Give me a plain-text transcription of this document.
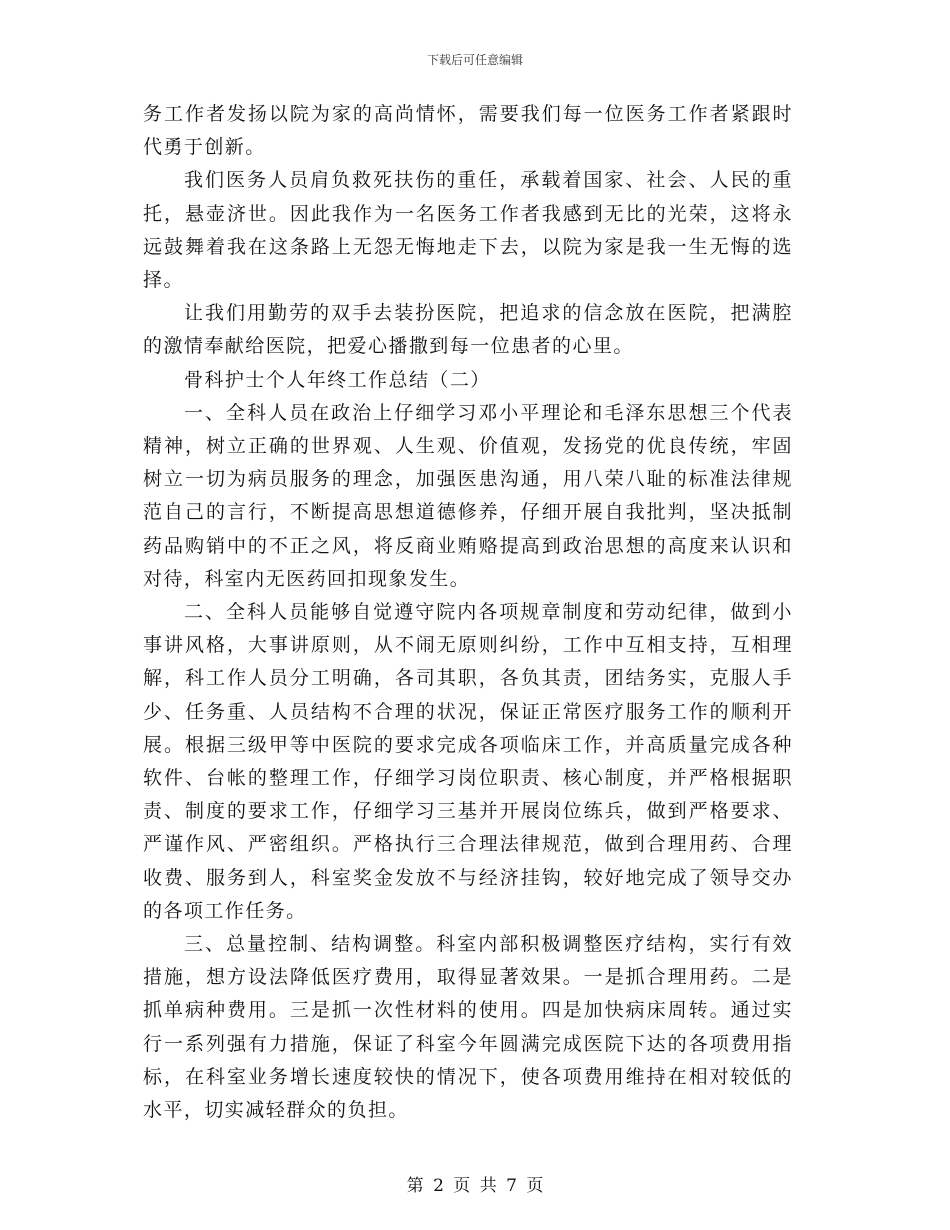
下载后可任意编辑

务工作者发扬以院为家的高尚情怀，需要我们每一位医务工作者紧跟时代勇于创新。

我们医务人员肩负救死扶伤的重任，承载着国家、社会、人民的重托，悬壶济世。因此我作为一名医务工作者我感到无比的光荣，这将永远鼓舞着我在这条路上无怨无悔地走下去，以院为家是我一生无悔的选择。

让我们用勤劳的双手去装扮医院，把追求的信念放在医院，把满腔的激情奉献给医院，把爱心播撒到每一位患者的心里。

骨科护士个人年终工作总结（二）

一、全科人员在政治上仔细学习邓小平理论和毛泽东思想三个代表精神，树立正确的世界观、人生观、价值观，发扬党的优良传统，牢固树立一切为病员服务的理念，加强医患沟通，用八荣八耻的标准法律规范自己的言行，不断提高思想道德修养，仔细开展自我批判，坚决抵制药品购销中的不正之风，将反商业贿赂提高到政治思想的高度来认识和对待，科室内无医药回扣现象发生。

二、全科人员能够自觉遵守院内各项规章制度和劳动纪律，做到小事讲风格，大事讲原则，从不闹无原则纠纷，工作中互相支持，互相理解，科工作人员分工明确，各司其职，各负其责，团结务实，克服人手少、任务重、人员结构不合理的状况，保证正常医疗服务工作的顺利开展。根据三级甲等中医院的要求完成各项临床工作，并高质量完成各种软件、台帐的整理工作，仔细学习岗位职责、核心制度，并严格根据职责、制度的要求工作，仔细学习三基并开展岗位练兵，做到严格要求、严谨作风、严密组织。严格执行三合理法律规范，做到合理用药、合理收费、服务到人，科室奖金发放不与经济挂钩，较好地完成了领导交办的各项工作任务。

三、总量控制、结构调整。科室内部积极调整医疗结构，实行有效措施，想方设法降低医疗费用，取得显著效果。一是抓合理用药。二是抓单病种费用。三是抓一次性材料的使用。四是加快病床周转。通过实行一系列强有力措施，保证了科室今年圆满完成医院下达的各项费用指标，在科室业务增长速度较快的情况下，使各项费用维持在相对较低的水平，切实减轻群众的负担。

第 2 页 共 7 页
